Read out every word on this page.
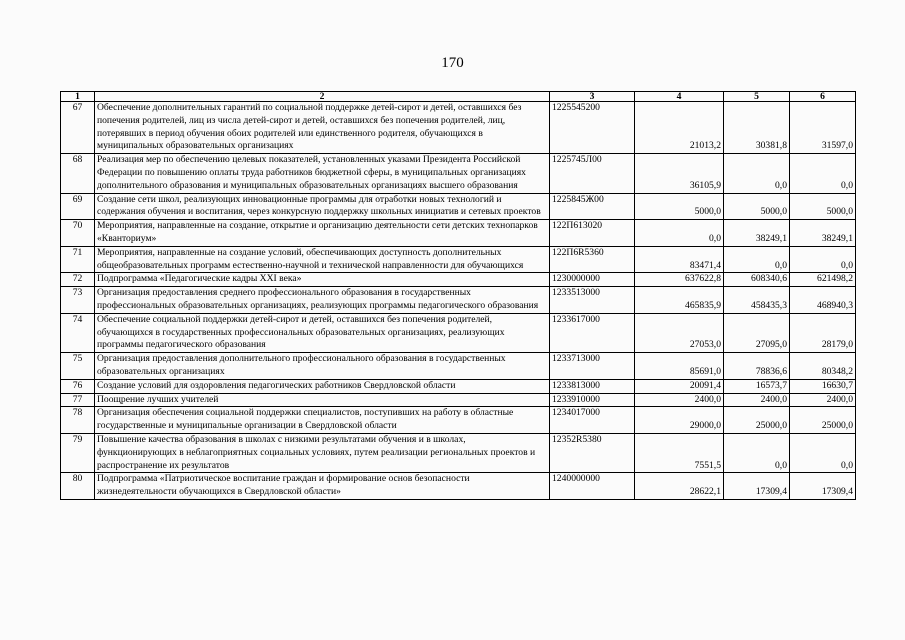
170
1	2	3	4	5	6
67	Обеспечение дополнительных гарантий по социальной поддержке детей-сирот и детей, оставшихся без попечения родителей, лиц из числа детей-сирот и детей, оставшихся без попечения родителей, лиц, потерявших в период обучения обоих родителей или единственного родителя, обучающихся в муниципальных образовательных организациях	1225545200	21013,2	30381,8	31597,0
68	Реализация мер по обеспечению целевых показателей, установленных указами Президента Российской Федерации по повышению оплаты труда работников бюджетной сферы, в муниципальных организациях дополнительного образования и муниципальных образовательных организациях высшего образования	1225745Л00	36105,9	0,0	0,0
69	Создание сети школ, реализующих инновационные программы для отработки новых технологий и содержания обучения и воспитания, через конкурсную поддержку школьных инициатив и сетевых проектов	1225845Ж00	5000,0	5000,0	5000,0
70	Мероприятия, направленные на создание, открытие и организацию деятельности сети детских технопарков «Кванториум»	122П613020	0,0	38249,1	38249,1
71	Мероприятия, направленные на создание условий, обеспечивающих доступность дополнительных общеобразовательных программ естественно-научной и технической направленности для обучающихся	122П6R5360	83471,4	0,0	0,0
72	Подпрограмма «Педагогические кадры XXI века»	1230000000	637622,8	608340,6	621498,2
73	Организация предоставления среднего профессионального образования в государственных профессиональных образовательных организациях, реализующих программы педагогического образования	1233513000	465835,9	458435,3	468940,3
74	Обеспечение социальной поддержки детей-сирот и детей, оставшихся без попечения родителей, обучающихся в государственных профессиональных образовательных организациях, реализующих программы педагогического образования	1233617000	27053,0	27095,0	28179,0
75	Организация предоставления дополнительного профессионального образования в государственных образовательных организациях	1233713000	85691,0	78836,6	80348,2
76	Создание условий для оздоровления педагогических работников Свердловской области	1233813000	20091,4	16573,7	16630,7
77	Поощрение лучших учителей	1233910000	2400,0	2400,0	2400,0
78	Организация обеспечения социальной поддержки специалистов, поступивших на работу в областные государственные и муниципальные организации в Свердловской области	1234017000	29000,0	25000,0	25000,0
79	Повышение качества образования в школах с низкими результатами обучения и в школах, функционирующих в неблагоприятных социальных условиях, путем реализации региональных проектов и распространение их результатов	12352R5380	7551,5	0,0	0,0
80	Подпрограмма «Патриотическое воспитание граждан и формирование основ безопасности жизнедеятельности обучающихся в Свердловской области»	1240000000	28622,1	17309,4	17309,4
